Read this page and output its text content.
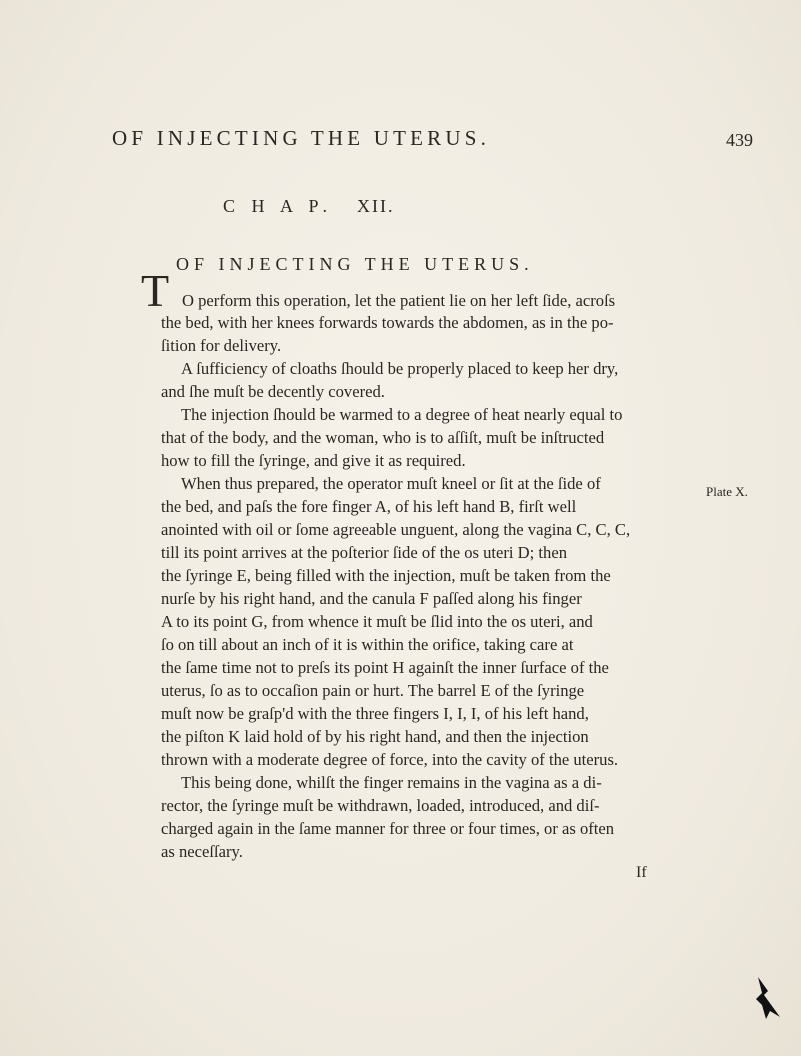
OF INJECTING THE UTERUS.	439
C H A P. XII.
OF INJECTING THE UTERUS.
T O perform this operation, let the patient lie on her left ſide, acroſs
the bed, with her knees forwards towards the abdomen, as in the po-
ſition for delivery.
A ſufficiency of cloaths ſhould be properly placed to keep her dry,
and ſhe muſt be decently covered.
The injection ſhould be warmed to a degree of heat nearly equal to
that of the body, and the woman, who is to aſſiſt, muſt be inſtructed
how to fill the ſyringe, and give it as required.
When thus prepared, the operator muſt kneel or ſit at the ſide of
the bed, and paſs the fore finger A, of his left hand B, firſt well
anointed with oil or ſome agreeable unguent, along the vagina C, C, C,
till its point arrives at the poſterior ſide of the os uteri D; then
the ſyringe E, being filled with the injection, muſt be taken from the
nurſe by his right hand, and the canula F paſſed along his finger
A to its point G, from whence it muſt be ſlid into the os uteri, and
ſo on till about an inch of it is within the orifice, taking care at
the ſame time not to preſs its point H againſt the inner ſurface of the
uterus, ſo as to occaſion pain or hurt. The barrel E of the ſyringe
muſt now be graſp'd with the three fingers I, I, I, of his left hand,
the piſton K laid hold of by his right hand, and then the injection
thrown with a moderate degree of force, into the cavity of the uterus.
This being done, whilſt the finger remains in the vagina as a di-
rector, the ſyringe muſt be withdrawn, loaded, introduced, and diſ-
charged again in the ſame manner for three or four times, or as often
as neceſſary.
Plate X.
If
